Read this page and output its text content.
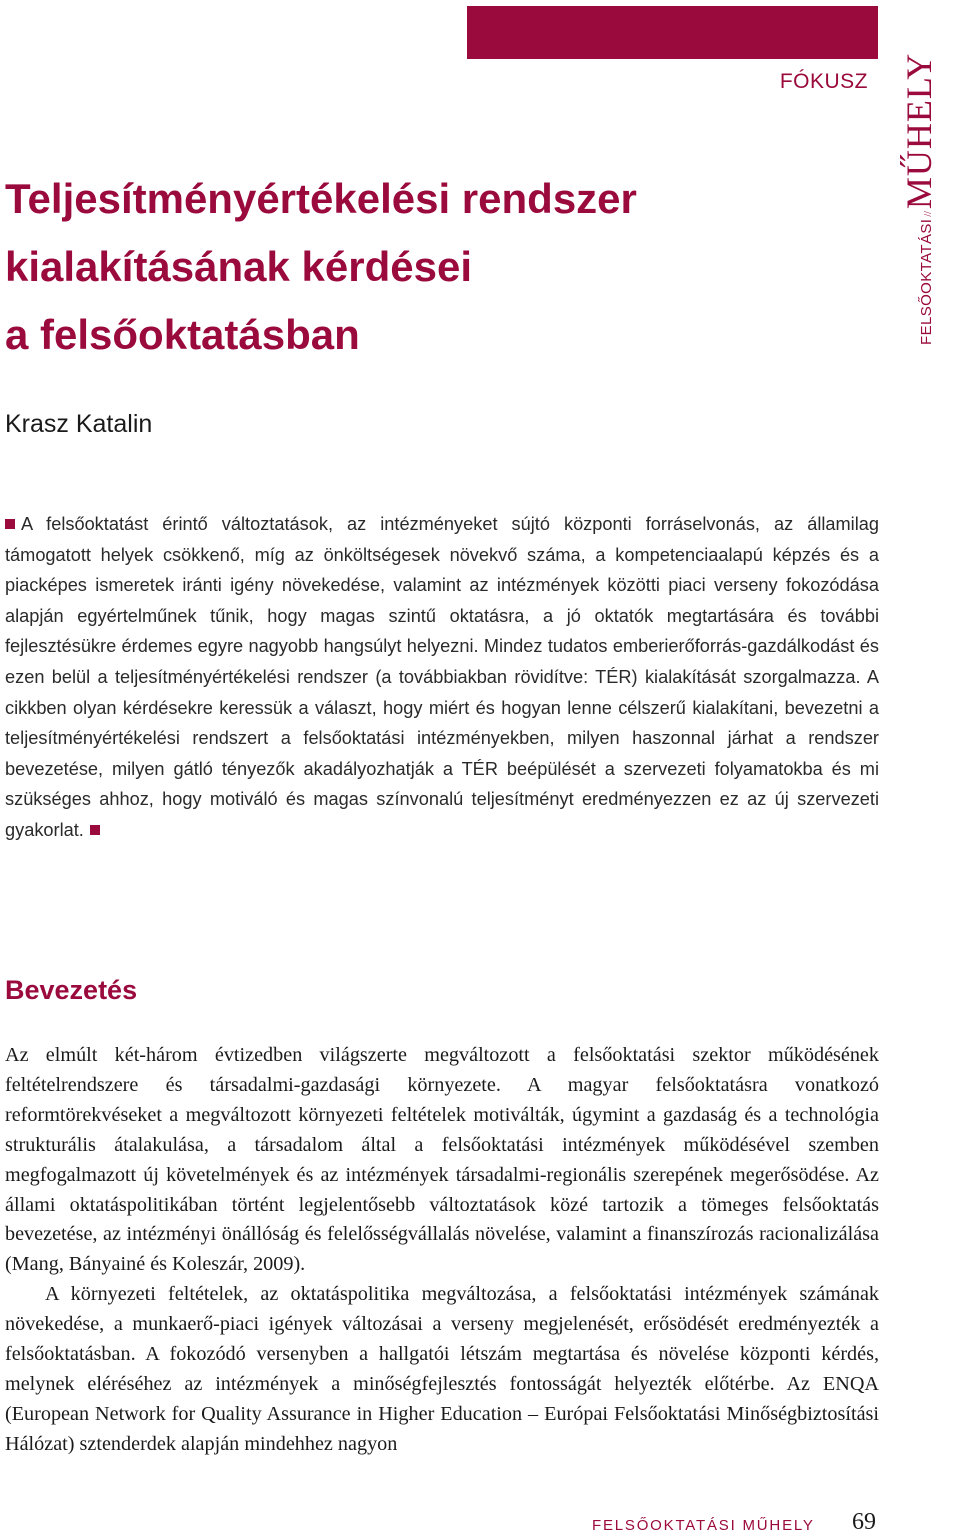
FÓKUSZ
FELSŐOKTATÁSI//MŰHELY
Teljesítményértékelési rendszer
kialakításának kérdései
a felsőoktatásban
Krasz Katalin

A felsőoktatást érintő változtatások, az intézményeket sújtó központi forráselvonás, az államilag támogatott helyek csökkenő, míg az önköltségesek növekvő száma, a kompetenciaalapú képzés és a piacképes ismeretek iránti igény növekedése, valamint az intézmények közötti piaci verseny fokozódása alapján egyértelműnek tűnik, hogy magas szintű oktatásra, a jó oktatók megtartására és további fejlesztésükre érdemes egyre nagyobb hangsúlyt helyezni. Mindez tudatos emberierőforrás-gazdálkodást és ezen belül a teljesítményértékelési rendszer (a továbbiakban rövidítve: TÉR) kialakítását szorgalmazza. A cikkben olyan kérdésekre keressük a választ, hogy miért és hogyan lenne célszerű kialakítani, bevezetni a teljesítményértékelési rendszert a felsőoktatási intézményekben, milyen haszonnal járhat a rendszer bevezetése, milyen gátló tényezők akadályozhatják a TÉR beépülését a szervezeti folyamatokba és mi szükséges ahhoz, hogy motiváló és magas színvonalú teljesítményt eredményezzen ez az új szervezeti gyakorlat.

Bevezetés

Az elmúlt két-három évtizedben világszerte megváltozott a felsőoktatási szektor működésének feltételrendszere és társadalmi-gazdasági környezete. A magyar felsőoktatásra vonatkozó reformtörekvéseket a megváltozott környezeti feltételek motiválták, úgymint a gazdaság és a technológia strukturális átalakulása, a társadalom által a felsőoktatási intézmények működésével szemben megfogalmazott új követelmények és az intézmények társadalmi-regionális szerepének megerősödése. Az állami oktatáspolitikában történt legjelentősebb változtatások közé tartozik a tömeges felsőoktatás bevezetése, az intézményi önállóság és felelősségvállalás növelése, valamint a finanszírozás racionalizálása (Mang, Bányainé és Koleszár, 2009).

A környezeti feltételek, az oktatáspolitika megváltozása, a felsőoktatási intézmények számának növekedése, a munkaerő-piaci igények változásai a verseny megjelenését, erősödését eredményezték a felsőoktatásban. A fokozódó versenyben a hallgatói létszám megtartása és növelése központi kérdés, melynek eléréséhez az intézmények a minőségfejlesztés fontosságát helyezték előtérbe. Az ENQA (European Network for Quality Assurance in Higher Education – Európai Felsőoktatási Minőségbiztosítási Hálózat) sztenderdek alapján mindehhez nagyon

FELSŐOKTATÁSI MŰHELY 69
